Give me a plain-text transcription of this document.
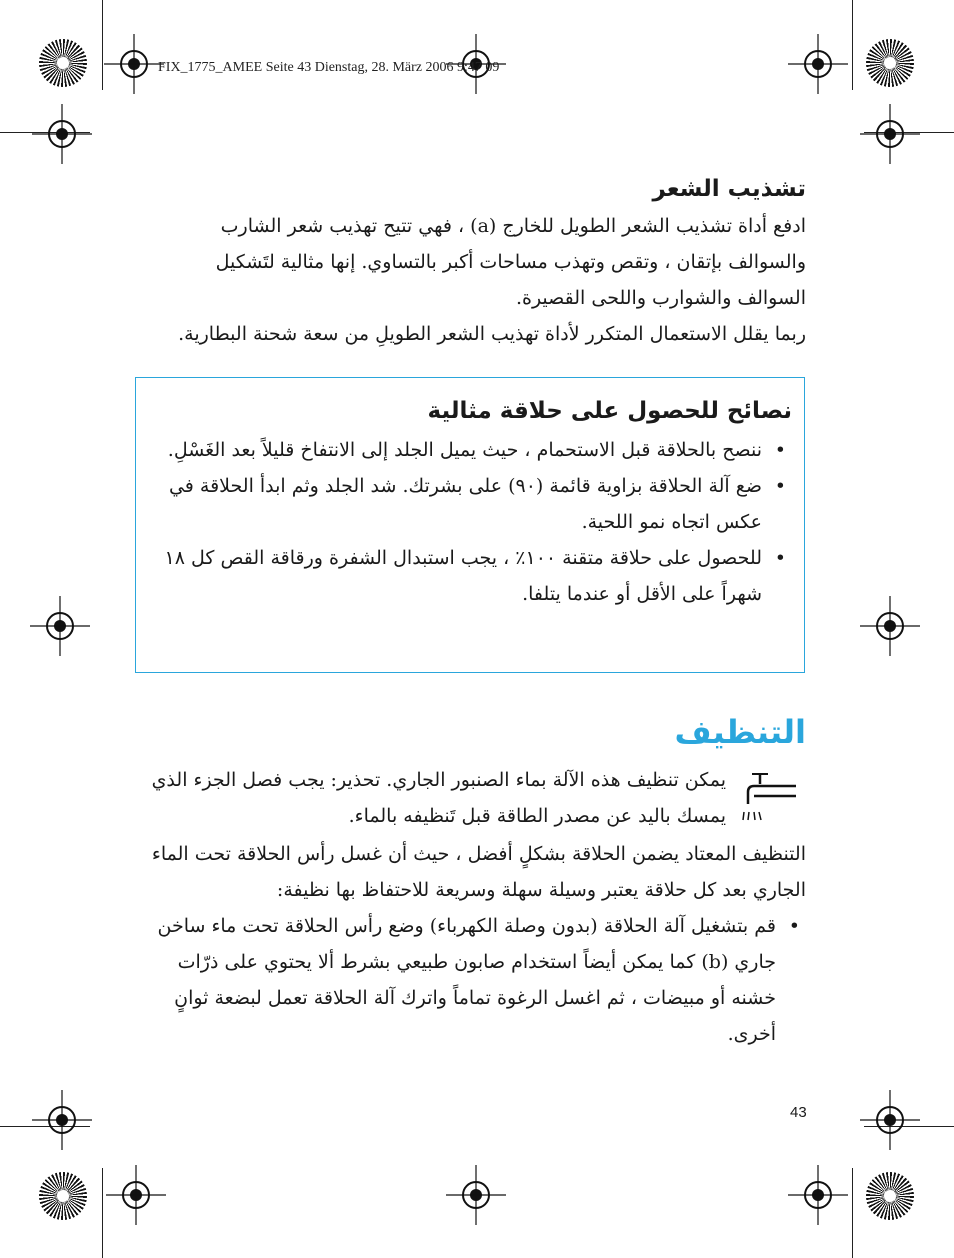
FIX_1775_AMEE Seite 43 Dienstag, 28. März 2006 9:47 09
تشذيب الشعر

ادفع أداة تشذيب الشعر الطويل للخارج (a) ، فهي تتيح تهذيب شعر الشارب والسوالف بإتقان ، وتقص وتهذب مساحات أكبر بالتساوي. إنها مثالية لتَشكيل السوالف والشوارب واللحى القصيرة.

ربما يقلل الاستعمال المتكرر لأداة تهذيب الشعر الطويلِ من سعة شحنة البطارية.

نصائح للحصول على حلاقة مثالية
•
ننصح بالحلاقة قبل الاستحمام ، حيث يميل الجلد إلى الانتفاخ قليلاً بعد الغَسْلِ.
•
ضع آلة الحلاقة بزاوية قائمة (٩٠) على بشرتك. شد الجلد وثم ابدأ الحلاقة في عكس اتجاه نمو اللحية.
•
للحصول على حلاقة متقنة ١٠٠٪ ، يجب استبدال الشفرة ورقاقة القص كل ١٨ شهراً على الأقل أو عندما يتلفا.
التنظيف

يمكن تنظيف هذه الآلة بماء الصنبور الجاري. تحذير: يجب فصل الجزء الذي يمسك باليد عن مصدر الطاقة قبل تَنظيفه بالماء.

التنظيف المعتاد يضمن الحلاقة بشكلٍ أفضل ، حيث أن غسل رأس الحلاقة تحت الماء الجاري بعد كل حلاقة يعتبر وسيلة سهلة وسريعة للاحتفاظ بها نظيفة:

•
قم بتشغيل آلة الحلاقة (بدون وصلة الكهرباء) وضع رأس الحلاقة تحت ماء ساخن جاري (b) كما يمكن أيضاً استخدام صابون طبيعي بشرط ألا يحتوي على ذرّات خشنه أو مبيضات ، ثم اغسل الرغوة تماماً واترك آلة الحلاقة تعمل لبضعة ثوانٍ أخرى.
43
